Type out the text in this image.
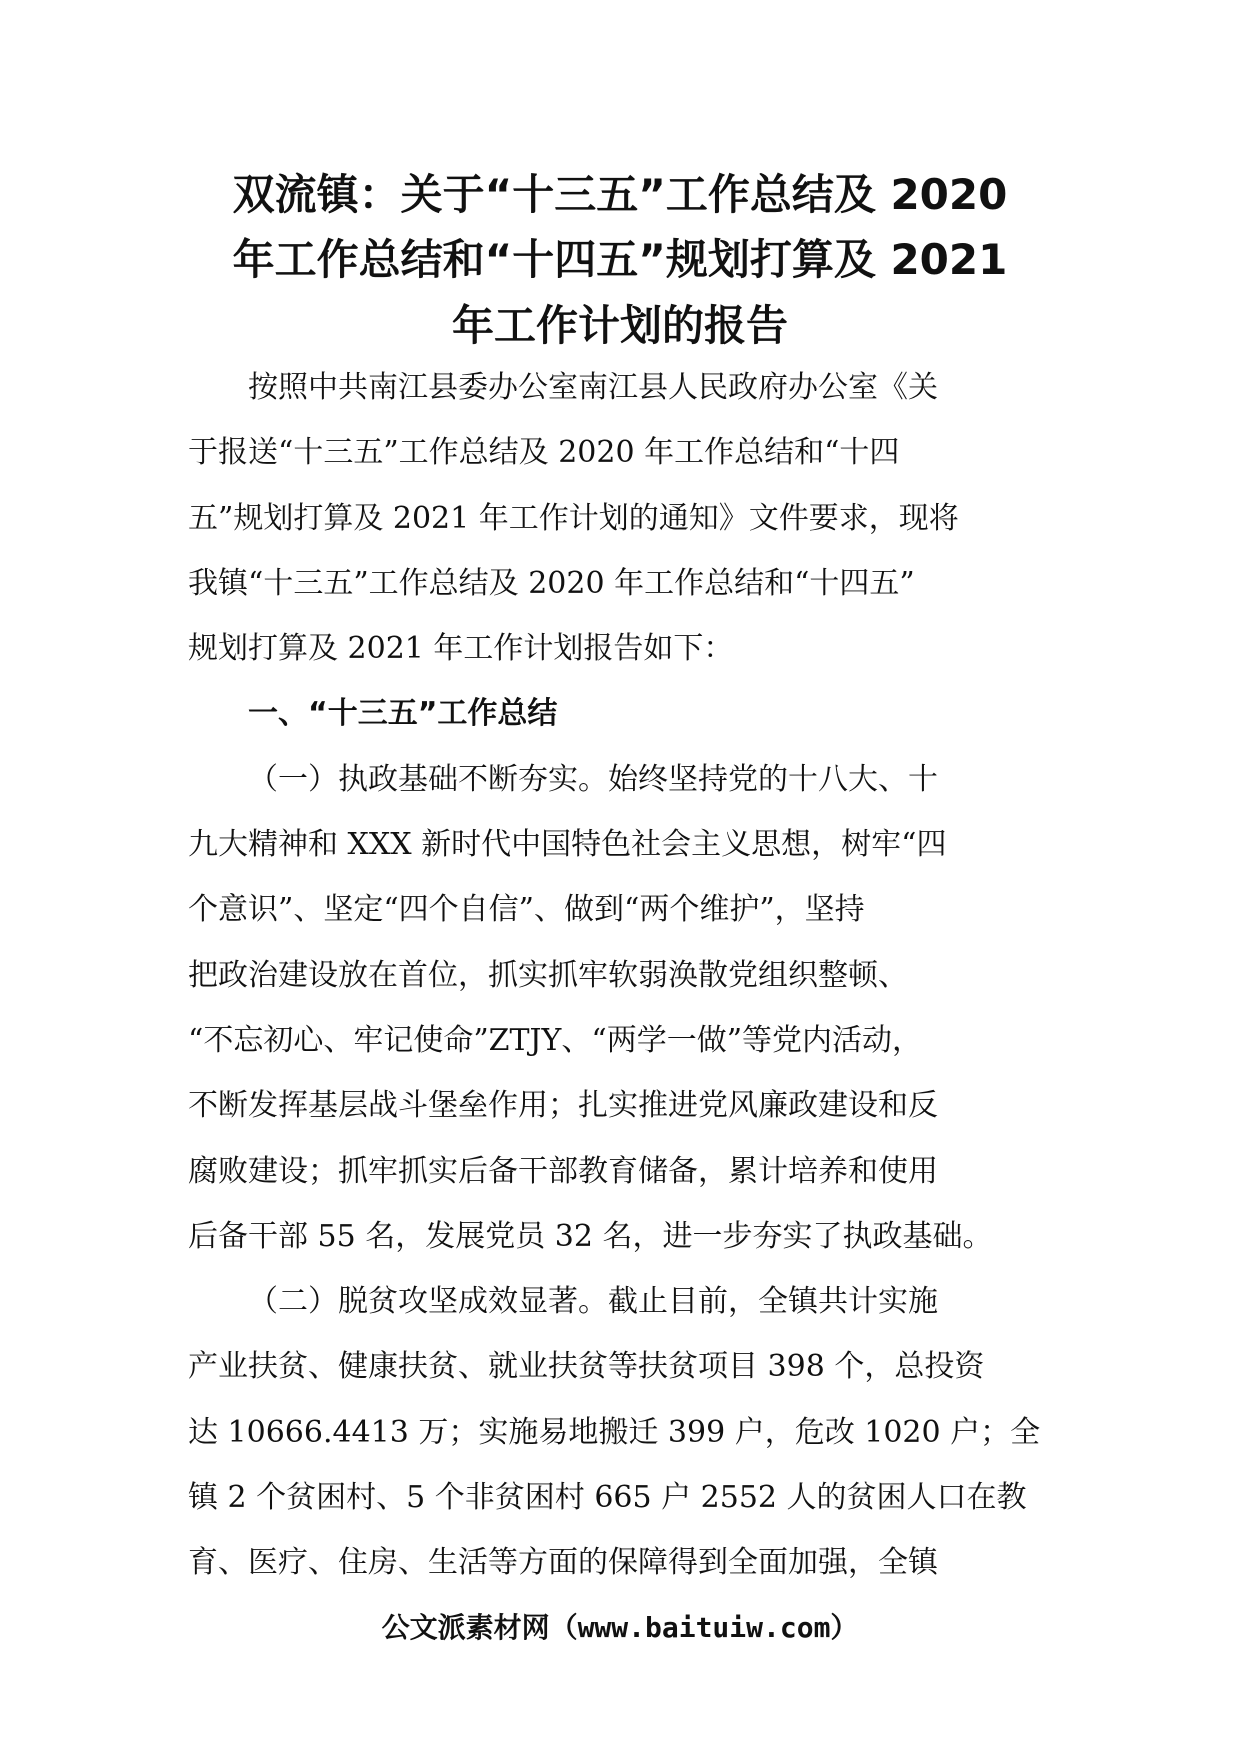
双流镇：关于“十三五”工作总结及 2020
年工作总结和“十四五”规划打算及 2021
年工作计划的报告
按照中共南江县委办公室南江县人民政府办公室《关
于报送“十三五”工作总结及 2020 年工作总结和“十四
五”规划打算及 2021 年工作计划的通知》文件要求，现将
我镇“十三五”工作总结及 2020 年工作总结和“十四五”
规划打算及 2021 年工作计划报告如下：
一、“十三五”工作总结
（一）执政基础不断夯实。始终坚持党的十八大、十
九大精神和 XXX 新时代中国特色社会主义思想，树牢“四
个意识”、坚定“四个自信”、做到“两个维护”，坚持
把政治建设放在首位，抓实抓牢软弱涣散党组织整顿、
“不忘初心、牢记使命”ZTJY、“两学一做”等党内活动，
不断发挥基层战斗堡垒作用；扎实推进党风廉政建设和反
腐败建设；抓牢抓实后备干部教育储备，累计培养和使用
后备干部 55 名，发展党员 32 名，进一步夯实了执政基础。
（二）脱贫攻坚成效显著。截止目前，全镇共计实施
产业扶贫、健康扶贫、就业扶贫等扶贫项目 398 个，总投资
达 10666.4413 万；实施易地搬迁 399 户，危改 1020 户；全
镇 2 个贫困村、5 个非贫困村 665 户 2552 人的贫困人口在教
育、医疗、住房、生活等方面的保障得到全面加强，全镇
公文派素材网（www.baituiw.com）
